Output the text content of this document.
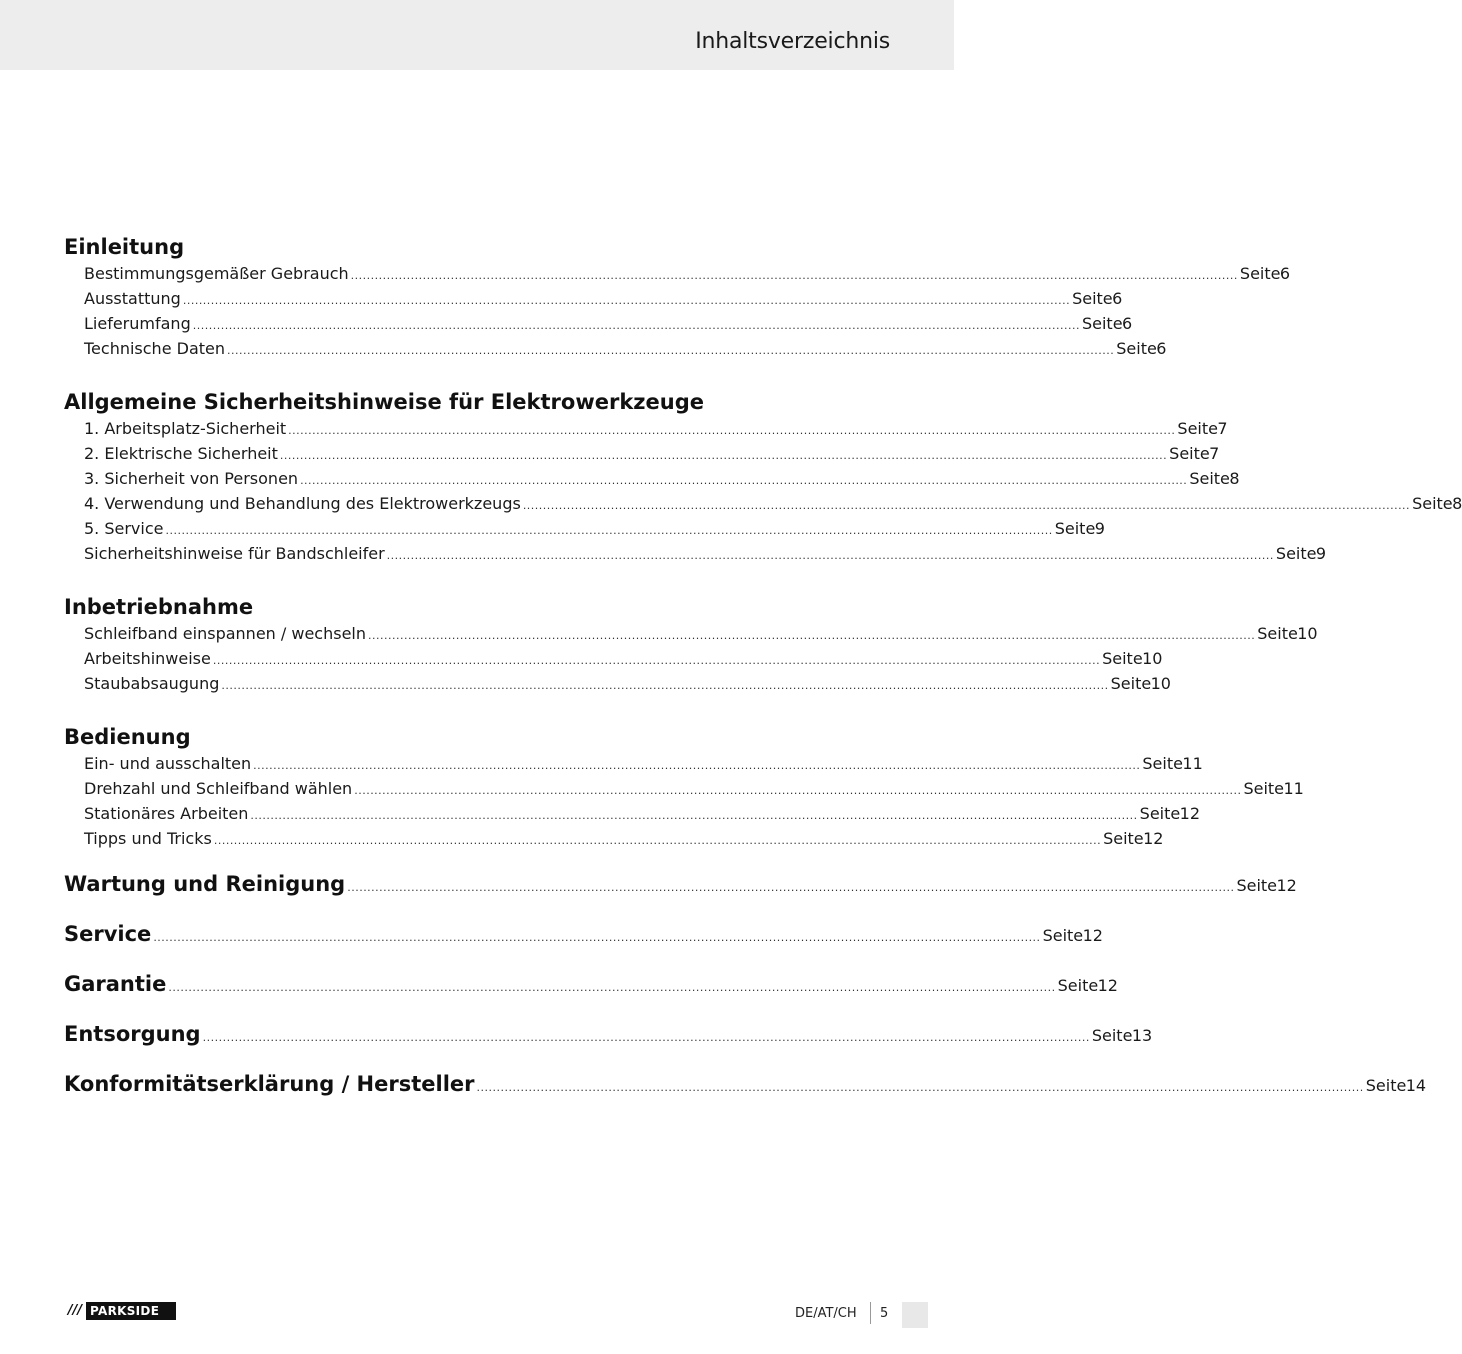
Inhaltsverzeichnis
Einleitung
Bestimmungsgemäßer Gebrauch .............................................................................................................................................................................................................................. Seite 6
Ausstattung .............................................................................................................................................................................................................................. Seite 6
Lieferumfang .............................................................................................................................................................................................................................. Seite 6
Technische Daten .............................................................................................................................................................................................................................. Seite 6
Allgemeine Sicherheitshinweise für Elektrowerkzeuge
1. Arbeitsplatz-Sicherheit .............................................................................................................................................................................................................................. Seite 7
2. Elektrische Sicherheit .............................................................................................................................................................................................................................. Seite 7
3. Sicherheit von Personen .............................................................................................................................................................................................................................. Seite 8
4. Verwendung und Behandlung des Elektrowerkzeugs .............................................................................................................................................................................................................................. Seite 8
5. Service .............................................................................................................................................................................................................................. Seite 9
Sicherheitshinweise für Bandschleifer .............................................................................................................................................................................................................................. Seite 9
Inbetriebnahme
Schleifband einspannen / wechseln .............................................................................................................................................................................................................................. Seite 10
Arbeitshinweise .............................................................................................................................................................................................................................. Seite 10
Staubabsaugung .............................................................................................................................................................................................................................. Seite 10
Bedienung
Ein- und ausschalten .............................................................................................................................................................................................................................. Seite 11
Drehzahl und Schleifband wählen .............................................................................................................................................................................................................................. Seite 11
Stationäres Arbeiten .............................................................................................................................................................................................................................. Seite 12
Tipps und Tricks .............................................................................................................................................................................................................................. Seite 12
Wartung und Reinigung .............................................................................................................................................................................................................................. Seite 12
Service .............................................................................................................................................................................................................................. Seite 12
Garantie .............................................................................................................................................................................................................................. Seite 12
Entsorgung .............................................................................................................................................................................................................................. Seite 13
Konformitätserklärung / Hersteller .............................................................................................................................................................................................................................. Seite 14
/// PARKSIDE	DE/AT/CH 5
